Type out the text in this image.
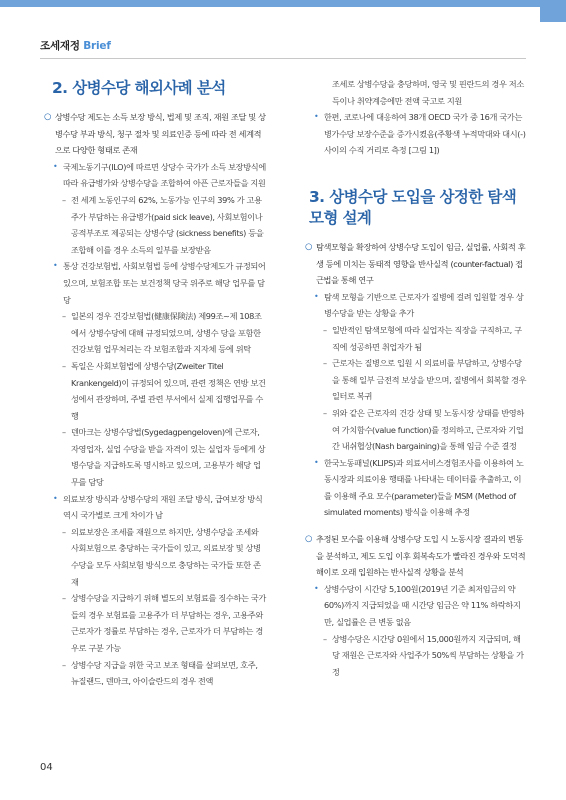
조세재정 Brief
2. 상병수당 해외사례 분석
○ 상병수당 제도는 소득 보장 방식, 법제 및 조직, 재원 조달 및 상병수당 부과 방식, 청구 절차 및 의료인증 등에 따라 전 세계적으로 다양한 형태로 존재
• 국제노동기구(ILO)에 따르면 상당수 국가가 소득 보장방식에 따라 유급병가와 상병수당을 조합하여 아픈 근로자들을 지원
– 전 세계 노동인구의 62%, 노동가능 인구의 39% 가 고용주가 부담하는 유급병가(paid sick leave), 사회보험이나 공적부조로 제공되는 상병수당 (sickness benefits) 등을 조합해 이를 경우 소득의 일부를 보장받음
• 통상 건강보험법, 사회보험법 등에 상병수당제도가 규정되어 있으며, 보험조합 또는 보건정책 당국 위주로 해당 업무를 담당
– 일본의 경우 건강보험법(健康保険法) 제99조~제 108조에서 상병수당에 대해 규정되었으며, 상병수 당을 포함한 건강보험 업무처리는 각 보험조합과 지자체 등에 위탁
– 독일은 사회보험법에 상병수당(Zweiter Titel Krankengeld)이 규정되어 있으며, 관련 정책은 연방 보건성에서 관장하며, 주별 관련 부서에서 실제 집행업무를 수행
– 덴마크는 상병수당법(Sygedagpengeloven)에 근로자, 자영업자, 실업 수당을 받을 자격이 있는 실업자 등에게 상병수당을 지급하도록 명시하고 있으며, 고용부가 해당 업무를 담당
• 의료보장 방식과 상병수당의 재원 조달 방식, 급여보장 방식 역시 국가별로 크게 차이가 남
– 의료보장은 조세를 재원으로 하지만, 상병수당을 조세와 사회보험으로 충당하는 국가들이 있고, 의료보장 및 상병수당을 모두 사회보험 방식으로 충당하는 국가들 또한 존재
– 상병수당을 지급하기 위해 별도의 보험료를 징수하는 국가들의 경우 보험료를 고용주가 더 부담하는 경우, 고용주와 근로자가 정률로 부담하는 경우, 근로자가 더 부담하는 경우로 구분 가능
– 상병수당 지급을 위한 국고 보조 형태를 살펴보면, 호주, 뉴질랜드, 덴마크, 아이슬란드의 경우 전액
조세로 상병수당을 충당하며, 영국 및 핀란드의 경우 저소득이나 취약계층에만 전액 국고로 지원
• 한편, 코로나에 대응하여 38개 OECD 국가 중 16개 국가는 병가수당 보장수준을 증가시켰음(주황색 누적막대와 대시(-) 사이의 수직 거리로 측정 [그림 1])
3. 상병수당 도입을 상정한 탐색 모형 설계
○ 탐색모형을 확장하여 상병수당 도입이 임금, 실업률, 사회적 후생 등에 미치는 동태적 영향을 반사실적 (counter-factual) 접근법을 통해 연구
• 탐색 모형을 기반으로 근로자가 질병에 걸려 입원할 경우 상병수당을 받는 상황을 추가
– 일반적인 탐색모형에 따라 실업자는 직장을 구직하고, 구직에 성공하면 취업자가 됨
– 근로자는 질병으로 입원 시 의료비를 부담하고, 상병수당을 통해 일부 금전적 보상을 받으며, 질병에서 회복할 경우 일터로 복귀
– 위와 같은 근로자의 건강 상태 및 노동시장 상태를 반영하여 가치함수(value function)를 정의하고, 근로자와 기업 간 내쉬협상(Nash bargaining)을 통해 임금 수준 결정
• 한국노동패널(KLIPS)과 의료서비스경험조사를 이용하여 노동시장과 의료이용 행태를 나타내는 데이터를 추출하고, 이를 이용해 주요 모수(parameter)들을 MSM (Method of simulated moments) 방식을 이용해 추정
○ 추정된 모수를 이용해 상병수당 도입 시 노동시장 결과의 변동을 분석하고, 제도 도입 이후 회복속도가 빨라진 경우와 도덕적 해이로 오래 입원하는 반사실적 상황을 분석
• 상병수당이 시간당 5,100원(2019년 기준 최저임금의 약 60%)까지 지급되었을 때 시간당 임금은 약 11% 하락하지만, 실업률은 큰 변동 없음
– 상병수당은 시간당 0원에서 15,000원까지 지급되며, 해당 재원은 근로자와 사업주가 50%씩 부담하는 상황을 가정
04
